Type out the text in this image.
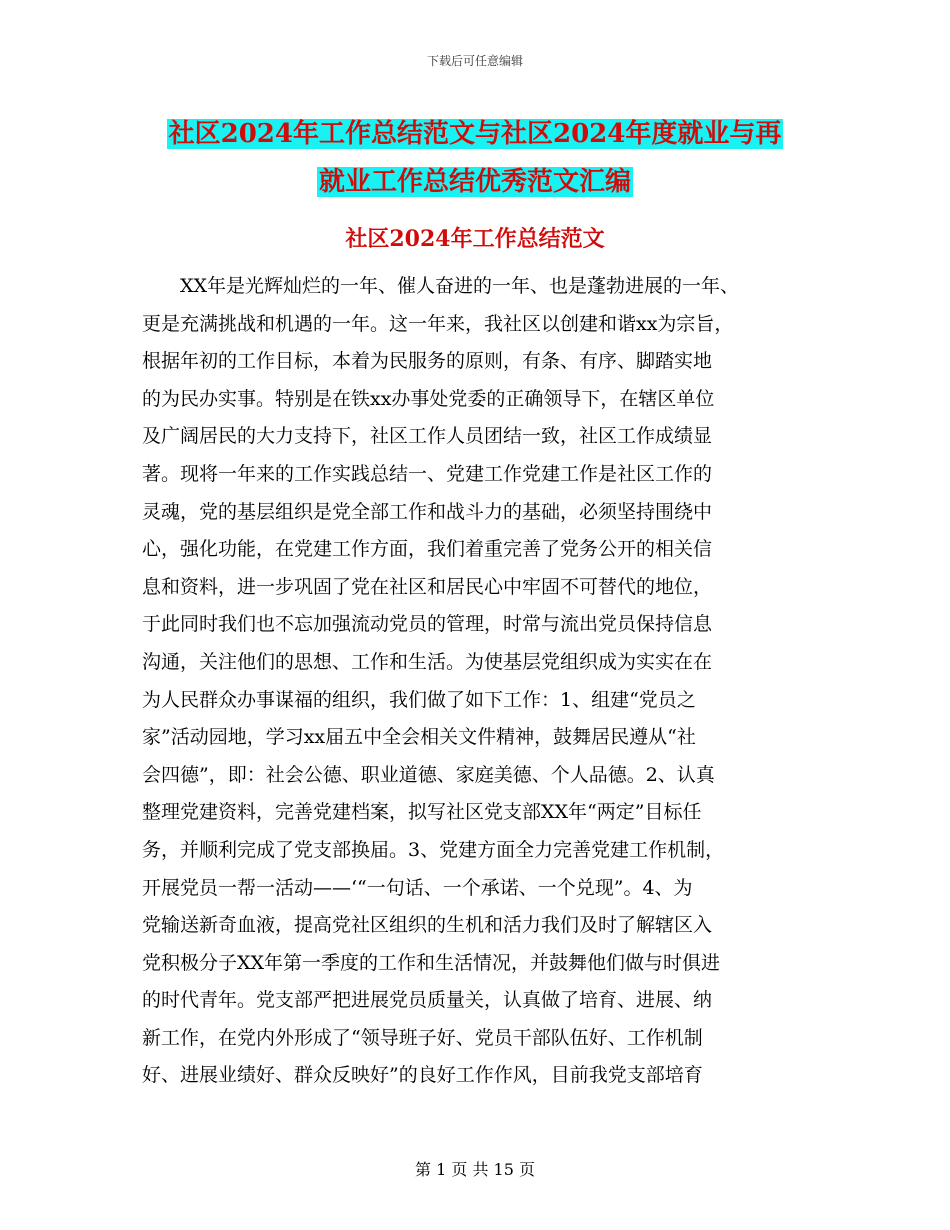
下载后可任意编辑
社区2024年工作总结范文与社区2024年度就业与再
就业工作总结优秀范文汇编
社区2024年工作总结范文
XX年是光辉灿烂的一年、催人奋进的一年、也是蓬勃进展的一年、
更是充满挑战和机遇的一年。这一年来，我社区以创建和谐xx为宗旨，
根据年初的工作目标，本着为民服务的原则，有条、有序、脚踏实地
的为民办实事。特别是在铁xx办事处党委的正确领导下，在辖区单位
及广阔居民的大力支持下，社区工作人员团结一致，社区工作成绩显
著。现将一年来的工作实践总结一、党建工作党建工作是社区工作的
灵魂，党的基层组织是党全部工作和战斗力的基础，必须坚持围绕中
心，强化功能，在党建工作方面，我们着重完善了党务公开的相关信
息和资料，进一步巩固了党在社区和居民心中牢固不可替代的地位，
于此同时我们也不忘加强流动党员的管理，时常与流出党员保持信息
沟通，关注他们的思想、工作和生活。为使基层党组织成为实实在在
为人民群众办事谋福的组织，我们做了如下工作：1、组建“党员之
家”活动园地，学习xx届五中全会相关文件精神，鼓舞居民遵从“社
会四德”，即：社会公德、职业道德、家庭美德、个人品德。2、认真
整理党建资料，完善党建档案，拟写社区党支部XX年“两定”目标任
务，并顺利完成了党支部换届。3、党建方面全力完善党建工作机制，
开展党员一帮一活动——‘“一句话、一个承诺、一个兑现”。4、为
党输送新奇血液，提高党社区组织的生机和活力我们及时了解辖区入
党积极分子XX年第一季度的工作和生活情况，并鼓舞他们做与时俱进
的时代青年。党支部严把进展党员质量关，认真做了培育、进展、纳
新工作，在党内外形成了“领导班子好、党员干部队伍好、工作机制
好、进展业绩好、群众反映好”的良好工作作风，目前我党支部培育
第 1 页 共 15 页
